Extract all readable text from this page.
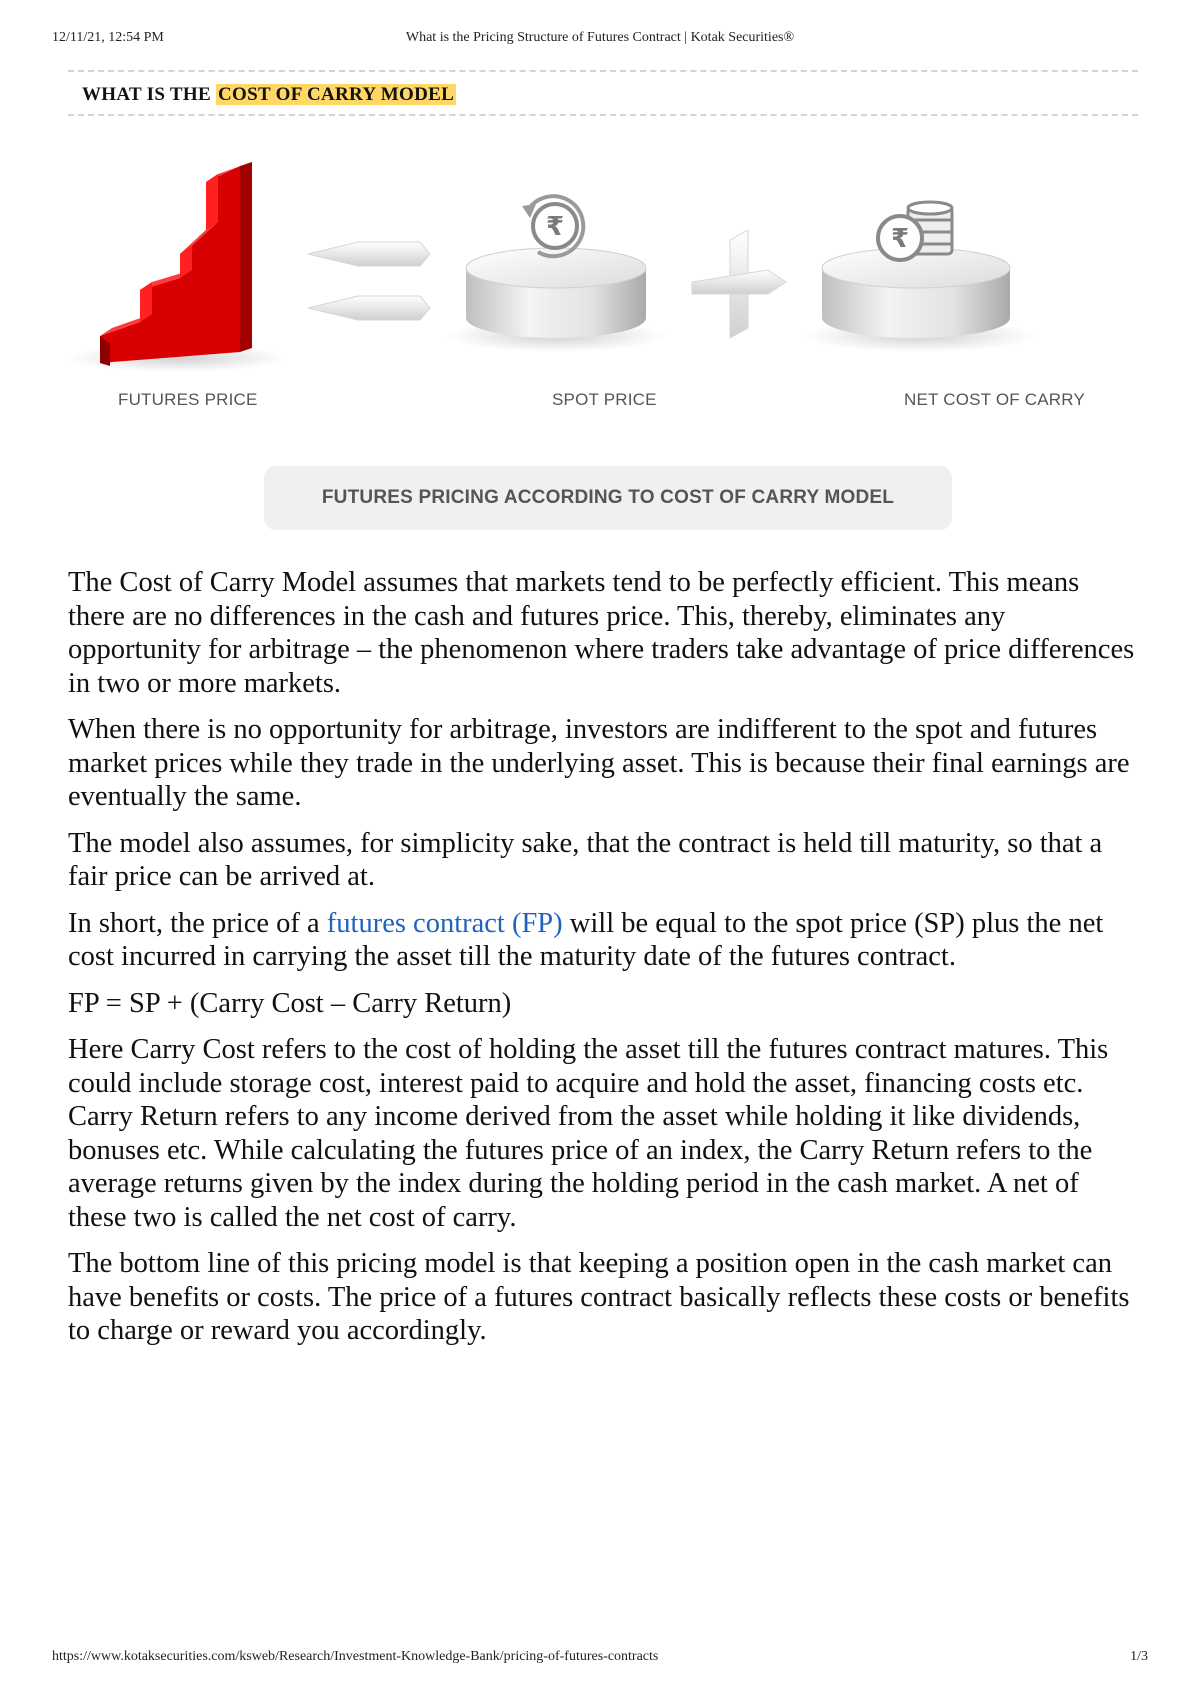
12/11/21, 12:54 PM	What is the Pricing Structure of Futures Contract | Kotak Securities®
WHAT IS THE COST OF CARRY MODEL
₹	₹
FUTURES PRICE	SPOT PRICE	NET COST OF CARRY
FUTURES PRICING ACCORDING TO COST OF CARRY MODEL

The Cost of Carry Model assumes that markets tend to be perfectly efficient. This means there are no differences in the cash and futures price. This, thereby, eliminates any opportunity for arbitrage – the phenomenon where traders take advantage of price differences in two or more markets.

When there is no opportunity for arbitrage, investors are indifferent to the spot and futures market prices while they trade in the underlying asset. This is because their final earnings are eventually the same.

The model also assumes, for simplicity sake, that the contract is held till maturity, so that a fair price can be arrived at.

In short, the price of a futures contract (FP) will be equal to the spot price (SP) plus the net cost incurred in carrying the asset till the maturity date of the futures contract.

FP = SP + (Carry Cost – Carry Return)

Here Carry Cost refers to the cost of holding the asset till the futures contract matures. This could include storage cost, interest paid to acquire and hold the asset, financing costs etc. Carry Return refers to any income derived from the asset while holding it like dividends, bonuses etc. While calculating the futures price of an index, the Carry Return refers to the average returns given by the index during the holding period in the cash market. A net of these two is called the net cost of carry.

The bottom line of this pricing model is that keeping a position open in the cash market can have benefits or costs. The price of a futures contract basically reflects these costs or benefits to charge or reward you accordingly.

https://www.kotaksecurities.com/ksweb/Research/Investment-Knowledge-Bank/pricing-of-futures-contracts	1/3
